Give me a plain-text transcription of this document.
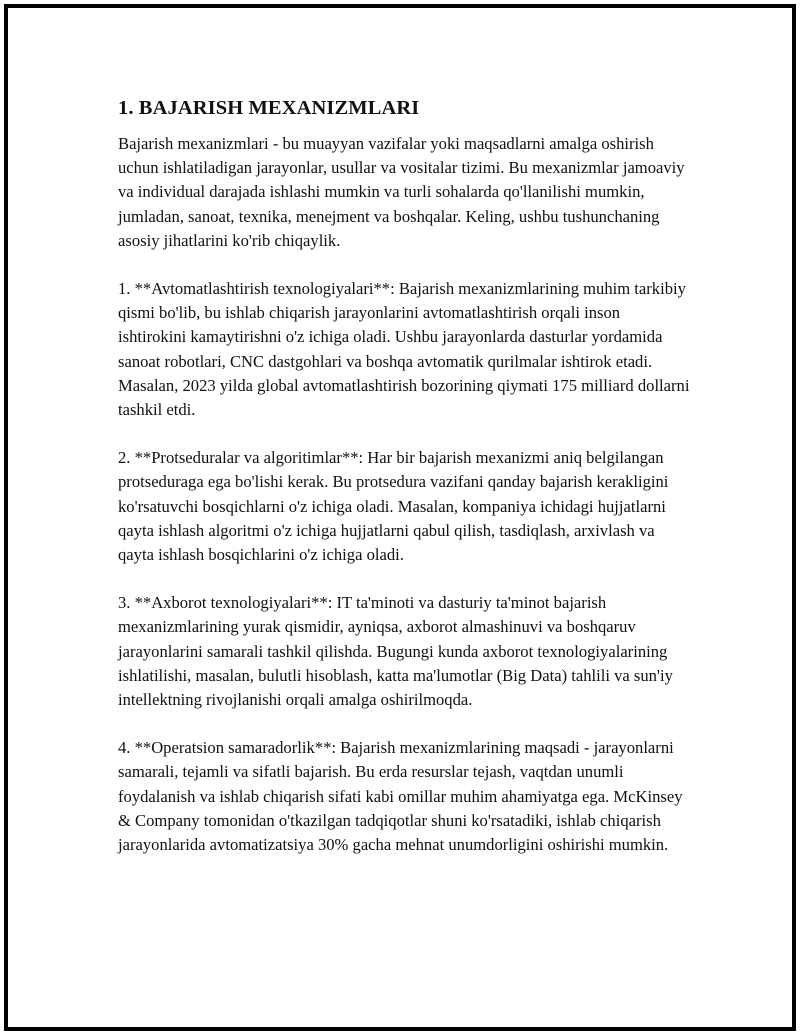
1. BAJARISH MEXANIZMLARI

Bajarish mexanizmlari - bu muayyan vazifalar yoki maqsadlarni amalga oshirish uchun ishlatiladigan jarayonlar, usullar va vositalar tizimi. Bu mexanizmlar jamoaviy va individual darajada ishlashi mumkin va turli sohalarda qo'llanilishi mumkin, jumladan, sanoat, texnika, menejment va boshqalar. Keling, ushbu tushunchaning asosiy jihatlarini ko'rib chiqaylik.

1. **Avtomatlashtirish texnologiyalari**: Bajarish mexanizmlarining muhim tarkibiy qismi bo'lib, bu ishlab chiqarish jarayonlarini avtomatlashtirish orqali inson ishtirokini kamaytirishni o'z ichiga oladi. Ushbu jarayonlarda dasturlar yordamida sanoat robotlari, CNC dastgohlari va boshqa avtomatik qurilmalar ishtirok etadi. Masalan, 2023 yilda global avtomatlashtirish bozorining qiymati 175 milliard dollarni tashkil etdi.

2. **Protseduralar va algoritimlar**: Har bir bajarish mexanizmi aniq belgilangan protseduraga ega bo'lishi kerak. Bu protsedura vazifani qanday bajarish kerakligini ko'rsatuvchi bosqichlarni o'z ichiga oladi. Masalan, kompaniya ichidagi hujjatlarni qayta ishlash algoritmi o'z ichiga hujjatlarni qabul qilish, tasdiqlash, arxivlash va qayta ishlash bosqichlarini o'z ichiga oladi.

3. **Axborot texnologiyalari**: IT ta'minoti va dasturiy ta'minot bajarish mexanizmlarining yurak qismidir, ayniqsa, axborot almashinuvi va boshqaruv jarayonlarini samarali tashkil qilishda. Bugungi kunda axborot texnologiyalarining ishlatilishi, masalan, bulutli hisoblash, katta ma'lumotlar (Big Data) tahlili va sun'iy intellektning rivojlanishi orqali amalga oshirilmoqda.

4. **Operatsion samaradorlik**: Bajarish mexanizmlarining maqsadi - jarayonlarni samarali, tejamli va sifatli bajarish. Bu erda resurslar tejash, vaqtdan unumli foydalanish va ishlab chiqarish sifati kabi omillar muhim ahamiyatga ega. McKinsey & Company tomonidan o'tkazilgan tadqiqotlar shuni ko'rsatadiki, ishlab chiqarish jarayonlarida avtomatizatsiya 30% gacha mehnat unumdorligini oshirishi mumkin.
